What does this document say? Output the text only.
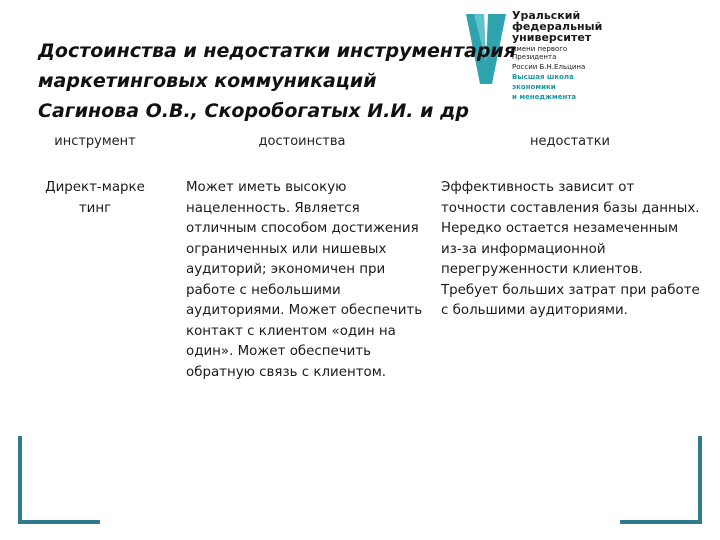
Уральский
федеральный
университет
имени первого Президента
России Б.Н.Ельцина
Высшая школа
экономики
и менеджмента
Достоинства и недостатки инструментария
маркетинговых коммуникаций
Сагинова О.В., Скоробогатых И.И. и др
инструмент	достоинства	недостатки
Директ-марке тинг
Может иметь высокую нацеленность. Является отличным способом достижения ограниченных или нишевых аудиторий; экономичен при работе с небольшими аудиториями. Может обеспечить контакт с клиентом «один на один». Может обеспечить обратную связь с клиентом.
Эффективность зависит от точности составления базы данных. Нередко остается незамеченным из-за информационной перегруженности клиентов. Требует больших затрат при работе с большими аудиториями.
